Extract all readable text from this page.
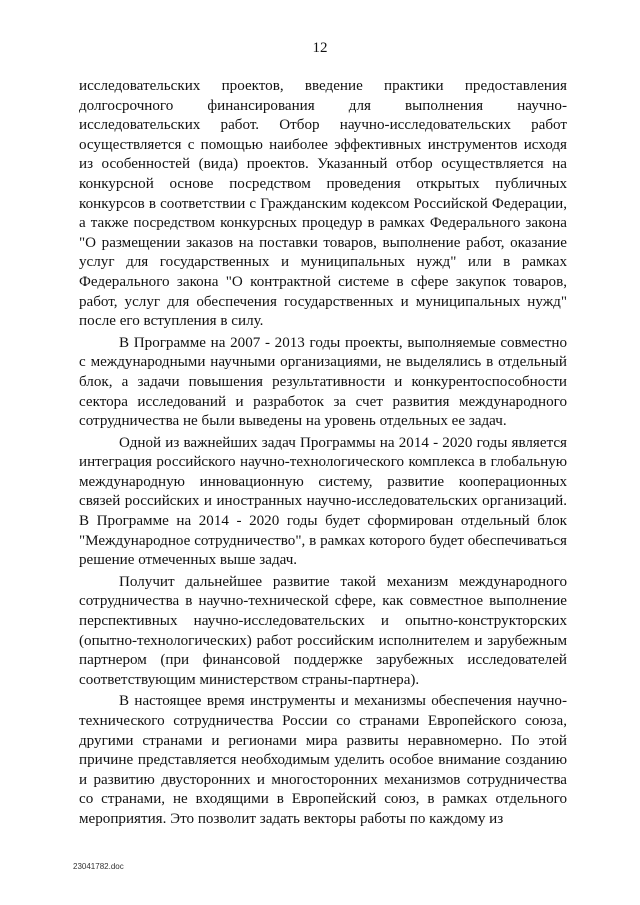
12

исследовательских проектов, введение практики предоставления долгосрочного финансирования для выполнения научно-исследовательских работ. Отбор научно-исследовательских работ осуществляется с помощью наиболее эффективных инструментов исходя из особенностей (вида) проектов. Указанный отбор осуществляется на конкурсной основе посредством проведения открытых публичных конкурсов в соответствии с Гражданским кодексом Российской Федерации, а также посредством конкурсных процедур в рамках Федерального закона "О размещении заказов на поставки товаров, выполнение работ, оказание услуг для государственных и муниципальных нужд" или в рамках Федерального закона "О контрактной системе в сфере закупок товаров, работ, услуг для обеспечения государственных и муниципальных нужд" после его вступления в силу.

В Программе на 2007 - 2013 годы проекты, выполняемые совместно с международными научными организациями, не выделялись в отдельный блок, а задачи повышения результативности и конкурентоспособности сектора исследований и разработок за счет развития международного сотрудничества не были выведены на уровень отдельных ее задач.

Одной из важнейших задач Программы на 2014 - 2020 годы является интеграция российского научно-технологического комплекса в глобальную международную инновационную систему, развитие кооперационных связей российских и иностранных научно-исследовательских организаций. В Программе на 2014 - 2020 годы будет сформирован отдельный блок "Международное сотрудничество", в рамках которого будет обеспечиваться решение отмеченных выше задач.

Получит дальнейшее развитие такой механизм международного сотрудничества в научно-технической сфере, как совместное выполнение перспективных научно-исследовательских и опытно-конструкторских (опытно-технологических) работ российским исполнителем и зарубежным партнером (при финансовой поддержке зарубежных исследователей соответствующим министерством страны-партнера).

В настоящее время инструменты и механизмы обеспечения научно-технического сотрудничества России со странами Европейского союза, другими странами и регионами мира развиты неравномерно. По этой причине представляется необходимым уделить особое внимание созданию и развитию двусторонних и многосторонних механизмов сотрудничества со странами, не входящими в Европейский союз, в рамках отдельного мероприятия. Это позволит задать векторы работы по каждому из

23041782.doc
